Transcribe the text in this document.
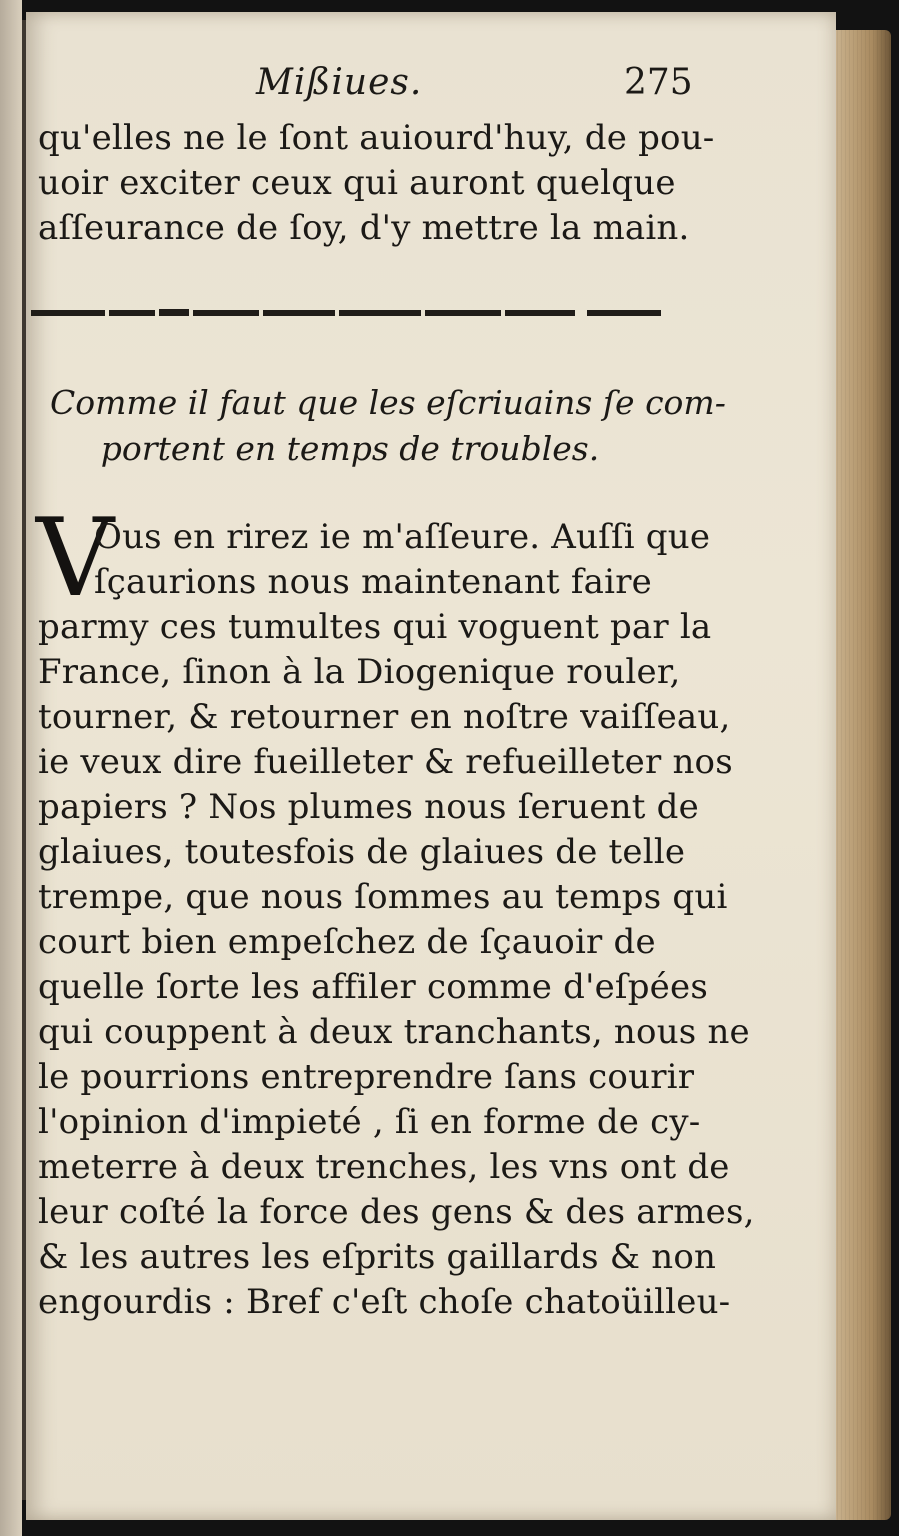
Mißiues.	275
qu'elles ne le ſont auiourd'huy, de pou-
uoir exciter ceux qui auront quelque
aſſeurance de ſoy, d'y mettre la main.
Comme il faut que les eſcriuains ſe com-
portent en temps de troubles.
V
Ous en rirez ie m'aſſeure. Auſſi que
ſçaurions nous maintenant faire
parmy ces tumultes qui voguent par la
France, ſinon à la Diogenique rouler,
tourner, & retourner en noſtre vaiſſeau,
ie veux dire fueilleter & refueilleter nos
papiers ? Nos plumes nous ſeruent de
glaiues, toutesfois de glaiues de telle
trempe, que nous ſommes au temps qui
court bien empeſchez de ſçauoir de
quelle ſorte les affiler comme d'eſpées
qui couppent à deux tranchants, nous ne
le pourrions entreprendre ſans courir
l'opinion d'impieté , ſi en forme de cy-
meterre à deux trenches, les vns ont de
leur coſté la force des gens & des armes,
& les autres les eſprits gaillards & non
engourdis : Bref c'eſt choſe chatoüilleu-
